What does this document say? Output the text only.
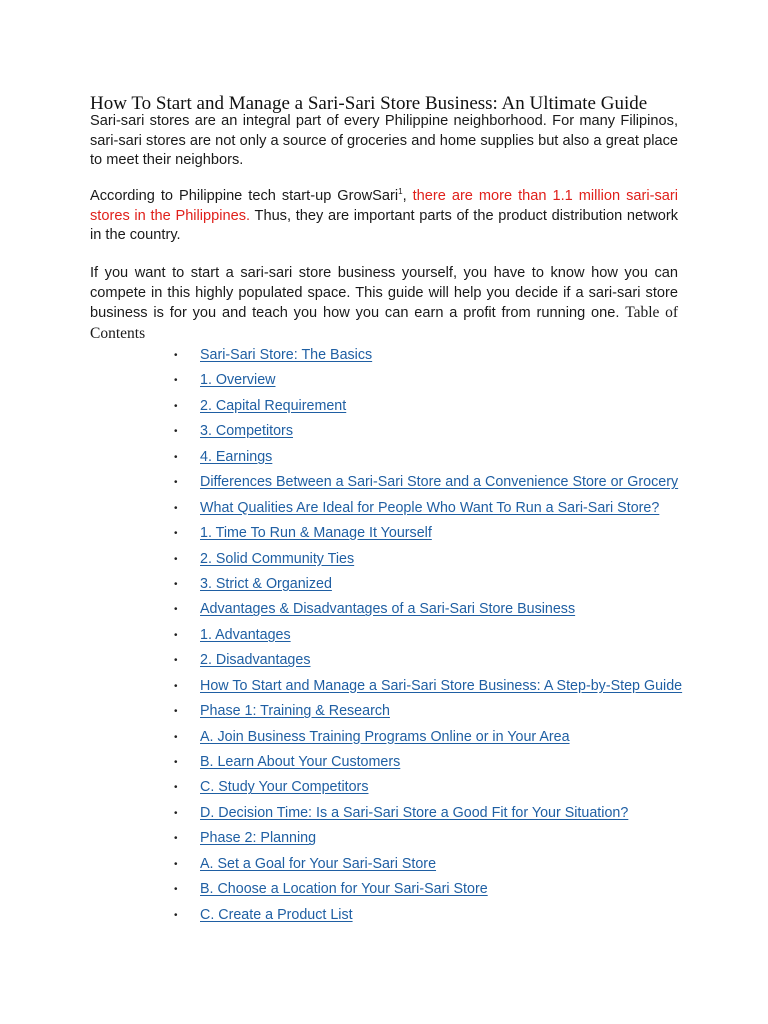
How To Start and Manage a Sari-Sari Store Business: An Ultimate Guide
Sari-sari stores are an integral part of every Philippine neighborhood. For many Filipinos, sari-sari stores are not only a source of groceries and home supplies but also a great place to meet their neighbors.
According to Philippine tech start-up GrowSari$^1$, there are more than 1.1 million sari-sari stores in the Philippines. Thus, they are important parts of the product distribution network in the country.
If you want to start a sari-sari store business yourself, you have to know how you can compete in this highly populated space. This guide will help you decide if a sari-sari store business is for you and teach you how you can earn a profit from running one. Table of Contents
•	Sari-Sari Store: The Basics
•	1. Overview
•	2. Capital Requirement
•	3. Competitors
•	4. Earnings
•	Differences Between a Sari-Sari Store and a Convenience Store or Grocery
•	What Qualities Are Ideal for People Who Want To Run a Sari-Sari Store?
•	1. Time To Run & Manage It Yourself
•	2. Solid Community Ties
•	3. Strict & Organized
•	Advantages & Disadvantages of a Sari-Sari Store Business
•	1. Advantages
•	2. Disadvantages
•	How To Start and Manage a Sari-Sari Store Business: A Step-by-Step Guide
•	Phase 1: Training & Research
•	A. Join Business Training Programs Online or in Your Area
•	B. Learn About Your Customers
•	C. Study Your Competitors
•	D. Decision Time: Is a Sari-Sari Store a Good Fit for Your Situation?
•	Phase 2: Planning
•	A. Set a Goal for Your Sari-Sari Store
•	B. Choose a Location for Your Sari-Sari Store
•	C. Create a Product List
